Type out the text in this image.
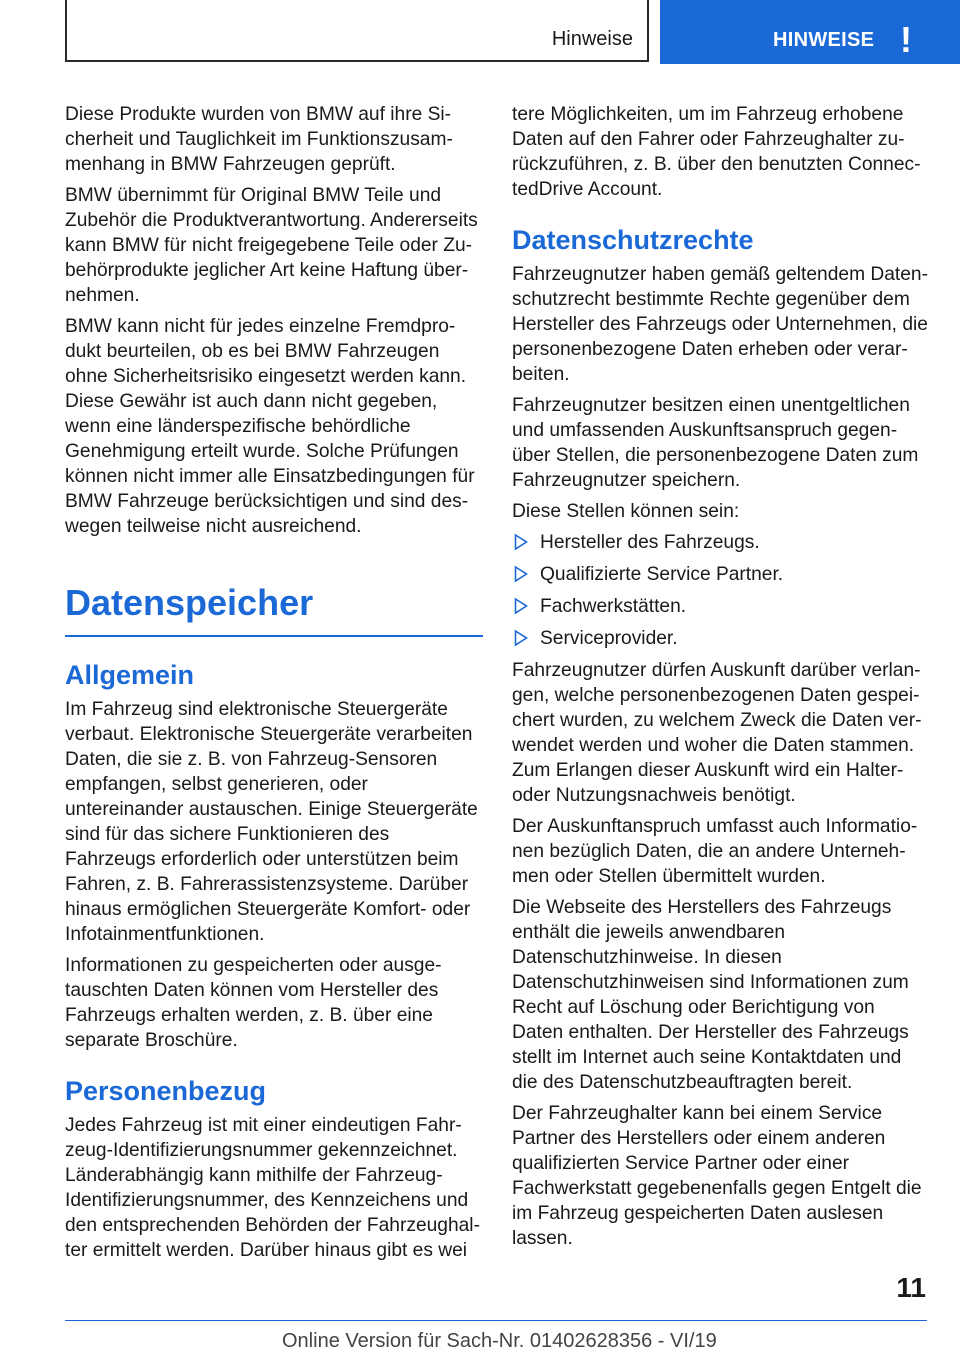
Hinweise	HINWEISE !

Diese Produkte wurden von BMW auf ihre Sicherheit und Tauglichkeit im Funktionszusammenhang in BMW Fahrzeugen geprüft.

BMW übernimmt für Original BMW Teile und Zubehör die Produktverantwortung. Andererseits kann BMW für nicht freigegebene Teile oder Zubehörprodukte jeglicher Art keine Haftung übernehmen.

BMW kann nicht für jedes einzelne Fremdprodukt beurteilen, ob es bei BMW Fahrzeugen ohne Sicherheitsrisiko eingesetzt werden kann. Diese Gewähr ist auch dann nicht gegeben, wenn eine länderspezifische behördliche Genehmigung erteilt wurde. Solche Prüfungen können nicht immer alle Einsatzbedingungen für BMW Fahrzeuge berücksichtigen und sind deswegen teilweise nicht ausreichend.

Datenspeicher
Allgemein

Im Fahrzeug sind elektronische Steuergeräte verbaut. Elektronische Steuergeräte verarbeiten Daten, die sie z. B. von Fahrzeug-Sensoren empfangen, selbst generieren, oder untereinander austauschen. Einige Steuergeräte sind für das sichere Funktionieren des Fahrzeugs erforderlich oder unterstützen beim Fahren, z. B. Fahrerassistenzsysteme. Darüber hinaus ermöglichen Steuergeräte Komfort- oder Infotainmentfunktionen.

Informationen zu gespeicherten oder ausgetauschten Daten können vom Hersteller des Fahrzeugs erhalten werden, z. B. über eine separate Broschüre.

Personenbezug

Jedes Fahrzeug ist mit einer eindeutigen Fahrzeug-Identifizierungsnummer gekennzeichnet. Länderabhängig kann mithilfe der Fahrzeug-Identifizierungsnummer, des Kennzeichens und den entsprechenden Behörden der Fahrzeughalter ermittelt werden. Darüber hinaus gibt es wei

tere Möglichkeiten, um im Fahrzeug erhobene Daten auf den Fahrer oder Fahrzeughalter zurückzuführen, z. B. über den benutzten ConnectedDrive Account.

Datenschutzrechte

Fahrzeugnutzer haben gemäß geltendem Datenschutzrecht bestimmte Rechte gegenüber dem Hersteller des Fahrzeugs oder Unternehmen, die personenbezogene Daten erheben oder verarbeiten.

Fahrzeugnutzer besitzen einen unentgeltlichen und umfassenden Auskunftsanspruch gegenüber Stellen, die personenbezogene Daten zum Fahrzeugnutzer speichern.

Diese Stellen können sein:

Hersteller des Fahrzeugs.
Qualifizierte Service Partner.
Fachwerkstätten.
Serviceprovider.

Fahrzeugnutzer dürfen Auskunft darüber verlangen, welche personenbezogenen Daten gespeichert wurden, zu welchem Zweck die Daten verwendet werden und woher die Daten stammen. Zum Erlangen dieser Auskunft wird ein Halter- oder Nutzungsnachweis benötigt.

Der Auskunftanspruch umfasst auch Informationen bezüglich Daten, die an andere Unternehmen oder Stellen übermittelt wurden.

Die Webseite des Herstellers des Fahrzeugs enthält die jeweils anwendbaren Datenschutzhinweise. In diesen Datenschutzhinweisen sind Informationen zum Recht auf Löschung oder Berichtigung von Daten enthalten. Der Hersteller des Fahrzeugs stellt im Internet auch seine Kontaktdaten und die des Datenschutzbeauftragten bereit.

Der Fahrzeughalter kann bei einem Service Partner des Herstellers oder einem anderen qualifizierten Service Partner oder einer Fachwerkstatt gegebenenfalls gegen Entgelt die im Fahrzeug gespeicherten Daten auslesen lassen.

11
Online Version für Sach-Nr. 01402628356 - VI/19
